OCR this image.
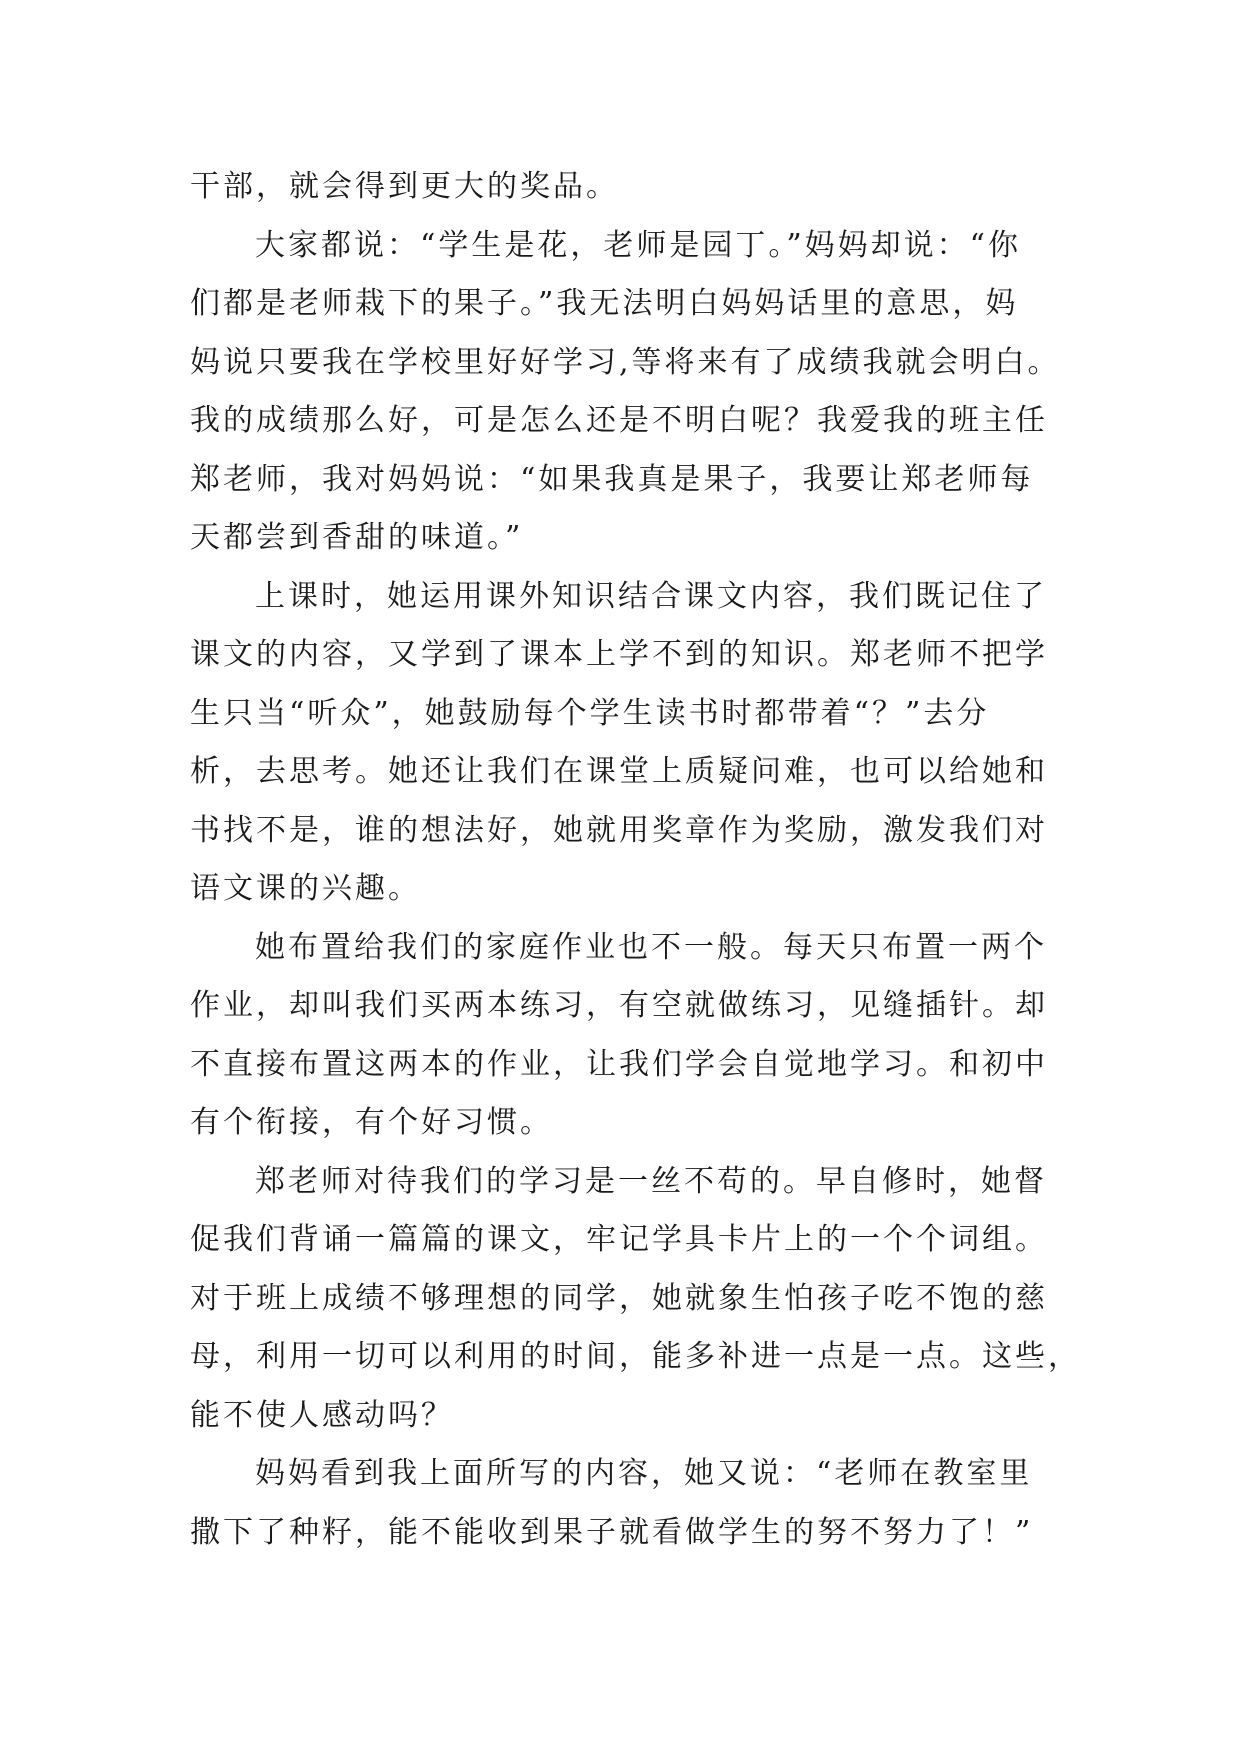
干部，就会得到更大的奖品。
大家都说：“学生是花，老师是园丁。”妈妈却说：“你
们都是老师栽下的果子。”我无法明白妈妈话里的意思，妈
妈说只要我在学校里好好学习,等将来有了成绩我就会明白。
我的成绩那么好，可是怎么还是不明白呢？我爱我的班主任
郑老师，我对妈妈说：“如果我真是果子，我要让郑老师每
天都尝到香甜的味道。”
上课时，她运用课外知识结合课文内容，我们既记住了
课文的内容，又学到了课本上学不到的知识。郑老师不把学
生只当“听众”，她鼓励每个学生读书时都带着“？”去分
析，去思考。她还让我们在课堂上质疑问难，也可以给她和
书找不是，谁的想法好，她就用奖章作为奖励，激发我们对
语文课的兴趣。
她布置给我们的家庭作业也不一般。每天只布置一两个
作业，却叫我们买两本练习，有空就做练习，见缝插针。却
不直接布置这两本的作业，让我们学会自觉地学习。和初中
有个衔接，有个好习惯。
郑老师对待我们的学习是一丝不苟的。早自修时，她督
促我们背诵一篇篇的课文，牢记学具卡片上的一个个词组。
对于班上成绩不够理想的同学，她就象生怕孩子吃不饱的慈
母，利用一切可以利用的时间，能多补进一点是一点。这些，
能不使人感动吗？
妈妈看到我上面所写的内容，她又说：“老师在教室里
撒下了种籽，能不能收到果子就看做学生的努不努力了！”
